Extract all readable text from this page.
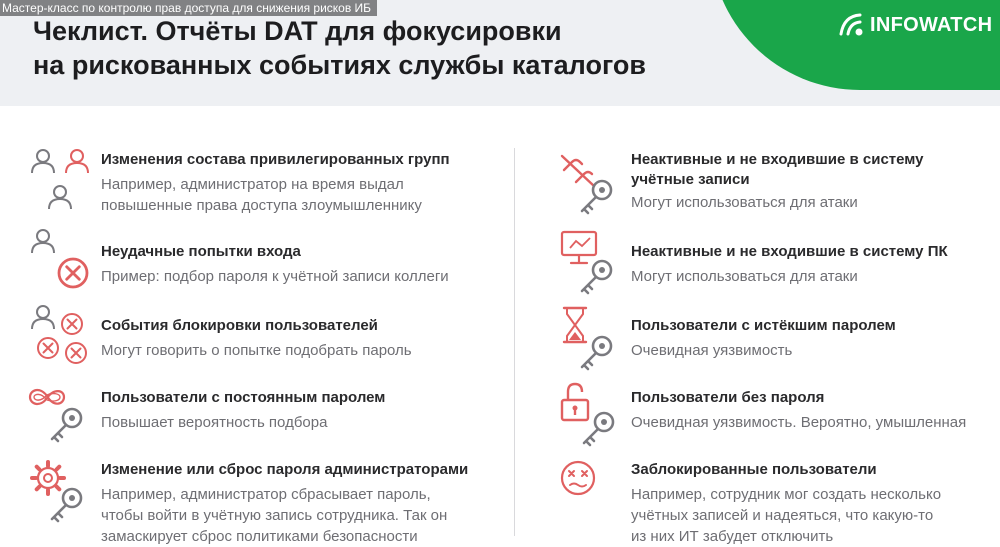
Мастер-класс по контролю прав доступа для снижения рисков ИБ
Чеклист. Отчёты DAT для фокусировки
на рискованных событиях службы каталогов
INFOWATCH
Изменения состава привилегированных групп
Например, администратор на время выдал
повышенные права доступа злоумышленнику
Неудачные попытки входа
Пример: подбор пароля к учётной записи коллеги
События блокировки пользователей
Могут говорить о попытке подобрать пароль
Пользователи с постоянным паролем
Повышает вероятность подбора
Изменение или сброс пароля администраторами
Например, администратор сбрасывает пароль,
чтобы войти в учётную запись сотрудника. Так он
замаскирует сброс политиками безопасности
Неактивные и не входившие в систему
учётные записи
Могут использоваться для атаки
Неактивные и не входившие в систему ПК
Могут использоваться для атаки
Пользователи с истёкшим паролем
Очевидная уязвимость
Пользователи без пароля
Очевидная уязвимость. Вероятно, умышленная
Заблокированные пользователи
Например, сотрудник мог создать несколько
учётных записей и надеяться, что какую-то
из них ИТ забудет отключить
